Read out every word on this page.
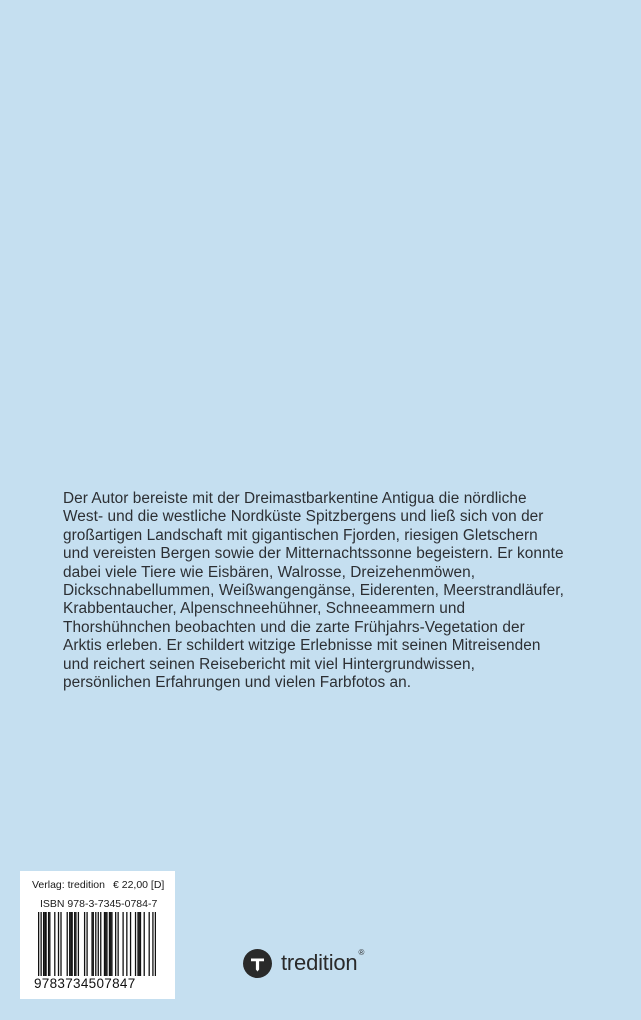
Der Autor bereiste mit der Dreimastbarkentine Antigua die nördliche
West- und die westliche Nordküste Spitzbergens und ließ sich von der
großartigen Landschaft mit gigantischen Fjorden, riesigen Gletschern
und vereisten Bergen sowie der Mitternachtssonne begeistern. Er konnte
dabei viele Tiere wie Eisbären, Walrosse, Dreizehenmöwen,
Dickschnabellummen, Weißwangengänse, Eiderenten, Meerstrandläufer,
Krabbentaucher, Alpenschneehühner, Schneeammern und
Thorshühnchen beobachten und die zarte Frühjahrs-Vegetation der
Arktis erleben. Er schildert witzige Erlebnisse mit seinen Mitreisenden
und reichert seinen Reisebericht mit viel Hintergrundwissen,
persönlichen Erfahrungen und vielen Farbfotos an.
Verlag: tredition € 22,00 [D]
ISBN 978-3-7345-0784-7
9783734507847
tredition®
